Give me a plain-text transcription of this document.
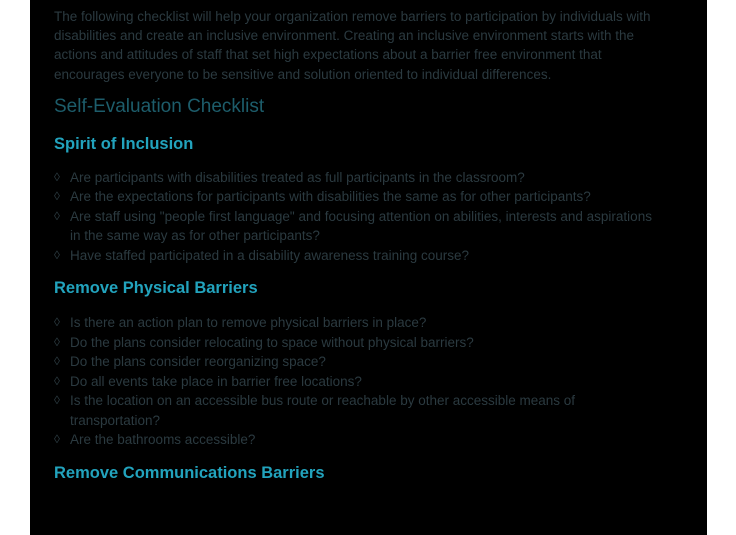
The following checklist will help your organization remove barriers to participation by individuals with disabilities and create an inclusive environment. Creating an inclusive environment starts with the actions and attitudes of staff that set high expectations about a barrier free environment that encourages everyone to be sensitive and solution oriented to individual differences.

Self-Evaluation Checklist
Spirit of Inclusion
◊ Are participants with disabilities treated as full participants in the classroom?
◊ Are the expectations for participants with disabilities the same as for other participants?
◊ Are staff using "people first language" and focusing attention on abilities, interests and aspirations in the same way as for other participants?
◊ Have staffed participated in a disability awareness training course?
Remove Physical Barriers
◊ Is there an action plan to remove physical barriers in place?
◊ Do the plans consider relocating to space without physical barriers?
◊ Do the plans consider reorganizing space?
◊ Do all events take place in barrier free locations?
◊ Is the location on an accessible bus route or reachable by other accessible means of transportation?
◊ Are the bathrooms accessible?
Remove Communications Barriers
